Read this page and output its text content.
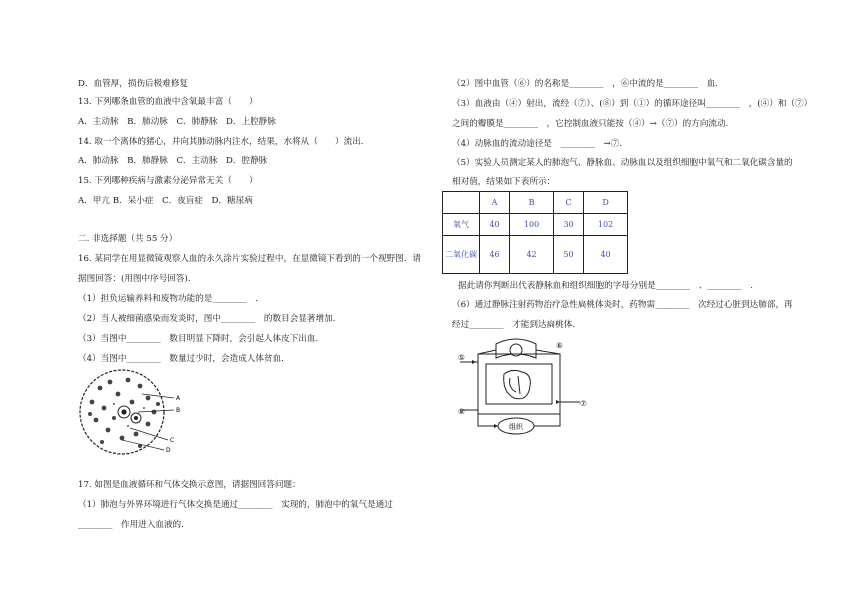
D．血管厚，损伤后极难修复
13. 下列哪条血管的血液中含氧最丰富（　　）
A．主动脉　B．肺动脉　C．肺静脉　D．上腔静脉
14. 取一个离体的猪心，并向其肺动脉内注水，结果，水将从（　　）流出.
A．肺动脉　B．肺静脉　C．主动脉　D．腔静脉
15. 下列哪种疾病与激素分泌异常无关（　　）
A．甲亢 B．呆小症　C．夜盲症　D．糖尿病
二. 非选择题（共 55 分）
16. 某同学在用显微镜观察人血的永久涂片实验过程中，在显微镜下看到的一个视野图．请
据图回答：(用图中序号回答).
（1）担负运输养料和废物功能的是________　．
（2）当人被细菌感染而发炎时，图中________　的数目会显著增加.
（3）当图中________　数目明显下降时，会引起人体皮下出血.
（4）当图中________　数量过少时，会造成人体贫血.
A
B
C
D
17. 如图是血液循环和气体交换示意图，请据图回答问题：
（1）肺泡与外界环境进行气体交换是通过________　实现的，肺泡中的氧气是通过
________　作用进入血液的.
（2）图中血管（⑥）的名称是________　，⑥中流的是________　血.
（3）血液由（④）射出，流经（⑦）、(⑧）到（①）的循环途径叫________　，(④）和（⑦）
之间的瓣膜是________　，它控制血液只能按（④）→（⑦）的方向流动.
（4）动脉血的流动途径是　________　→⑦.
（5）实验人员测定某人的肺泡气、静脉血、动脉血以及组织细胞中氧气和二氧化碳含量的
相对值，结果如下表所示：
	A	B	C	D
氧气	40	100	30	102
二氧化碳	46	42	50	40
据此请你判断出代表静脉血和组织细胞的字母分别是________　、________　.
（6）通过静脉注射药物治疗急性扁桃体炎时，药物需________　次经过心脏到达肺部，再
经过________　才能到达扁桃体.
⑤
⑥
⑦
⑧
组织
